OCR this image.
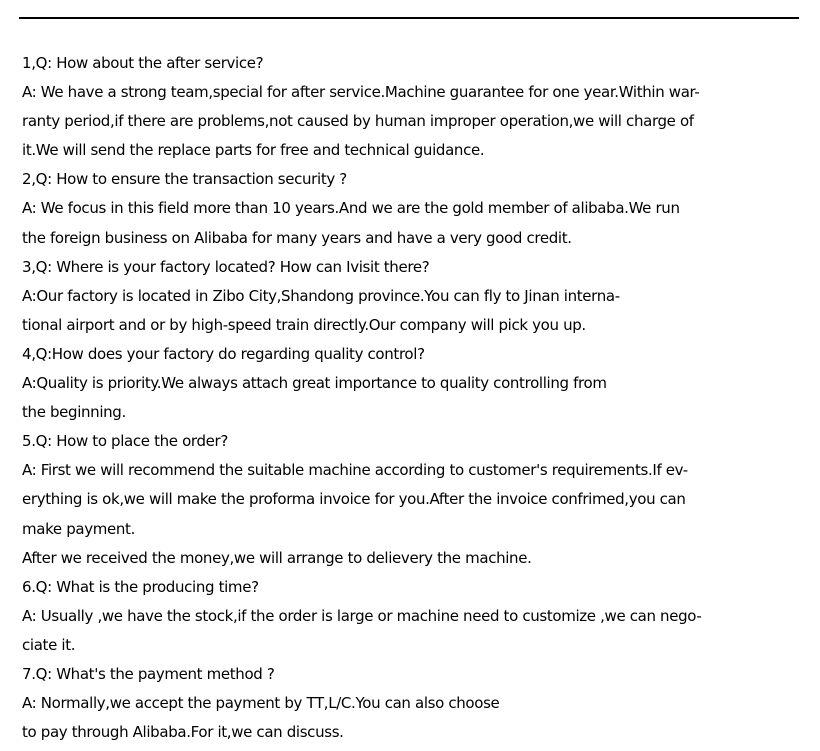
1,Q: How about the after service?
A: We have a strong team,special for after service.Machine guarantee for one year.Within war-
ranty period,if there are problems,not caused by human improper operation,we will charge of
it.We will send the replace parts for free and technical guidance.
2,Q: How to ensure the transaction security ?
A: We focus in this field more than 10 years.And we are the gold member of alibaba.We run
the foreign business on Alibaba for many years and have a very good credit.
3,Q: Where is your factory located? How can Ivisit there?
A:Our factory is located in Zibo City,Shandong province.You can fly to Jinan interna-
tional airport and or by high-speed train directly.Our company will pick you up.
4,Q:How does your factory do regarding quality control?
A:Quality is priority.We always attach great importance to quality controlling from
the beginning.
5.Q: How to place the order?
A: First we will recommend the suitable machine according to customer's requirements.If ev-
erything is ok,we will make the proforma invoice for you.After the invoice confrimed,you can
make payment.
After we received the money,we will arrange to delievery the machine.
6.Q: What is the producing time?
A: Usually ,we have the stock,if the order is large or machine need to customize ,we can nego-
ciate it.
7.Q: What's the payment method ?
A: Normally,we accept the payment by TT,L/C.You can also choose
to pay through Alibaba.For it,we can discuss.
